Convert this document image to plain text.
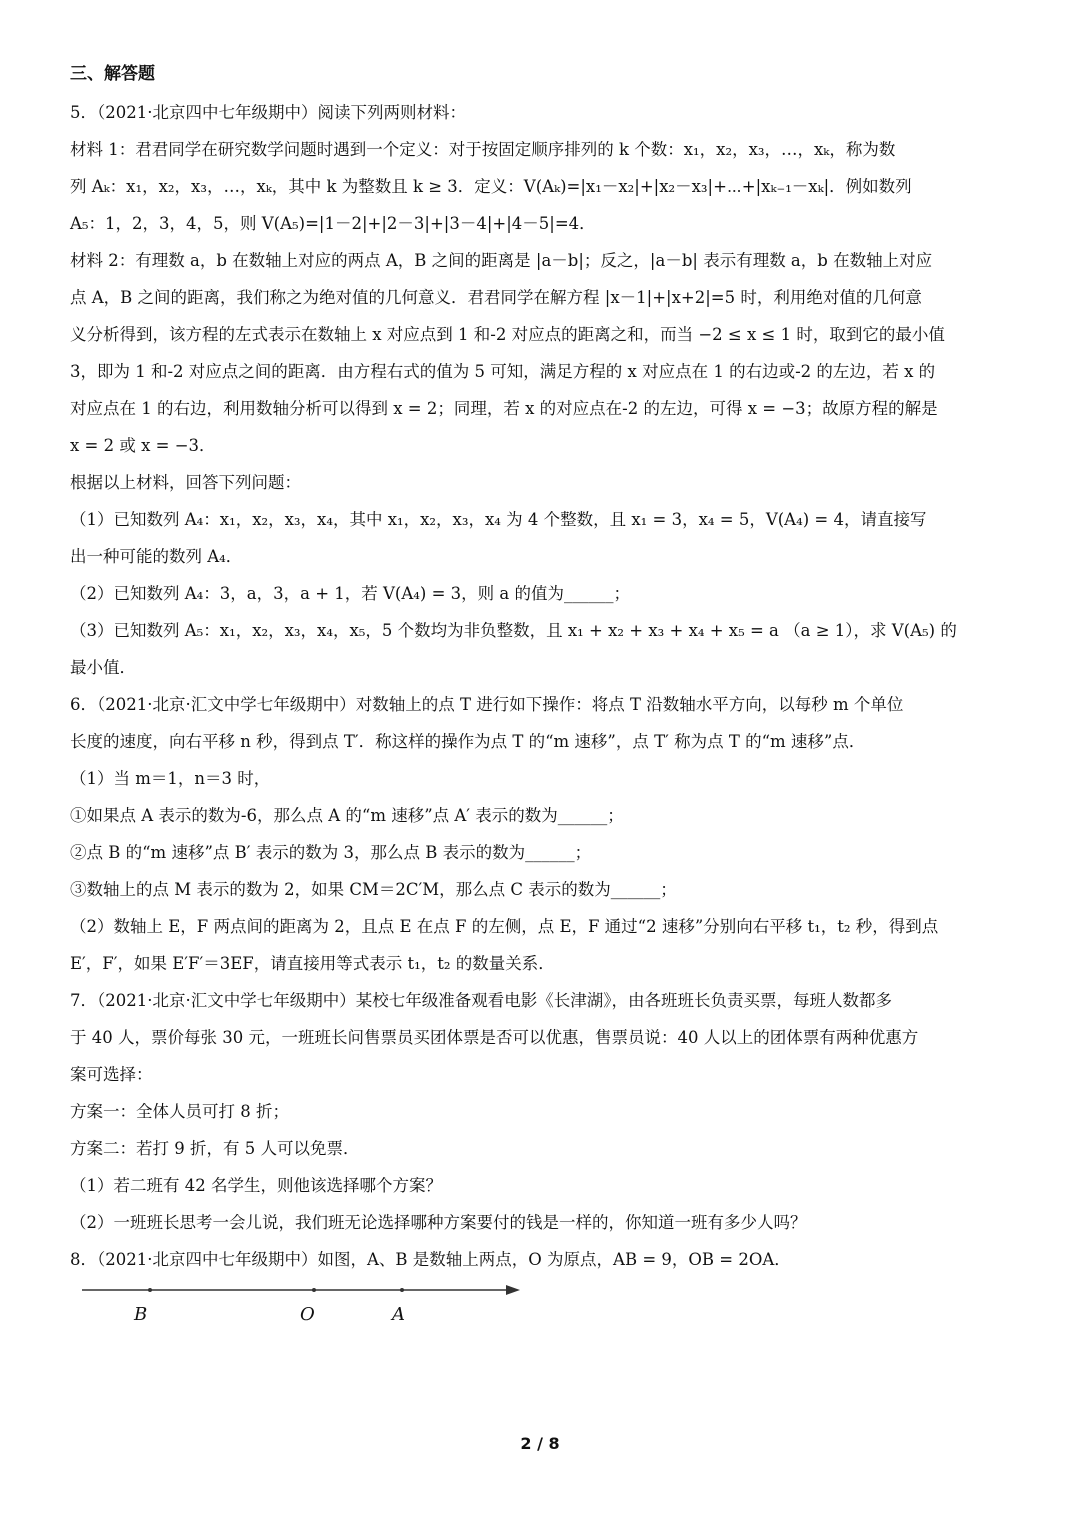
三、解答题
5．（2021·北京四中七年级期中）阅读下列两则材料：
材料 1：君君同学在研究数学问题时遇到一个定义：对于按固定顺序排列的 k 个数：x₁，x₂，x₃，…，xₖ，称为数
列 Aₖ：x₁，x₂，x₃，…，xₖ，其中 k 为整数且 k ≥ 3．定义：V(Aₖ)=|x₁－x₂|+|x₂－x₃|+⋯+|xₖ₋₁－xₖ|．例如数列
A₅：1，2，3，4，5，则 V(A₅)=|1－2|+|2－3|+|3－4|+|4－5|=4．
材料 2：有理数 a，b 在数轴上对应的两点 A，B 之间的距离是 |a－b|；反之，|a－b| 表示有理数 a，b 在数轴上对应
点 A，B 之间的距离，我们称之为绝对值的几何意义．君君同学在解方程 |x－1|+|x+2|=5 时，利用绝对值的几何意
义分析得到，该方程的左式表示在数轴上 x 对应点到 1 和-2 对应点的距离之和，而当 −2 ≤ x ≤ 1 时，取到它的最小值
3，即为 1 和-2 对应点之间的距离．由方程右式的值为 5 可知，满足方程的 x 对应点在 1 的右边或-2 的左边，若 x 的
对应点在 1 的右边，利用数轴分析可以得到 x = 2；同理，若 x 的对应点在-2 的左边，可得 x = −3；故原方程的解是
x = 2 或 x = −3．
根据以上材料，回答下列问题：
（1）已知数列 A₄：x₁，x₂，x₃，x₄，其中 x₁，x₂，x₃，x₄ 为 4 个整数，且 x₁ = 3，x₄ = 5，V(A₄) = 4，请直接写
出一种可能的数列 A₄．
（2）已知数列 A₄：3，a，3，a + 1，若 V(A₄) = 3，则 a 的值为______；
（3）已知数列 A₅：x₁，x₂，x₃，x₄，x₅，5 个数均为非负整数，且 x₁ + x₂ + x₃ + x₄ + x₅ = a （a ≥ 1），求 V(A₅) 的
最小值．
6．（2021·北京·汇文中学七年级期中）对数轴上的点 T 进行如下操作：将点 T 沿数轴水平方向，以每秒 m 个单位
长度的速度，向右平移 n 秒，得到点 T′．称这样的操作为点 T 的“m 速移”，点 T′ 称为点 T 的“m 速移”点．
（1）当 m＝1，n＝3 时，
①如果点 A 表示的数为-6，那么点 A 的“m 速移”点 A′ 表示的数为______；
②点 B 的“m 速移”点 B′ 表示的数为 3，那么点 B 表示的数为______；
③数轴上的点 M 表示的数为 2，如果 CM＝2C′M，那么点 C 表示的数为______；
（2）数轴上 E，F 两点间的距离为 2，且点 E 在点 F 的左侧，点 E，F 通过“2 速移”分别向右平移 t₁，t₂ 秒，得到点
E′，F′，如果 E′F′＝3EF，请直接用等式表示 t₁，t₂ 的数量关系．
7．（2021·北京·汇文中学七年级期中）某校七年级准备观看电影《长津湖》，由各班班长负责买票，每班人数都多
于 40 人，票价每张 30 元，一班班长问售票员买团体票是否可以优惠，售票员说：40 人以上的团体票有两种优惠方
案可选择：
方案一：全体人员可打 8 折；
方案二：若打 9 折，有 5 人可以免票．
（1）若二班有 42 名学生，则他该选择哪个方案？
（2）一班班长思考一会儿说，我们班无论选择哪种方案要付的钱是一样的，你知道一班有多少人吗？
8．（2021·北京四中七年级期中）如图，A、B 是数轴上两点，O 为原点，AB = 9，OB = 2OA．
B	O	A
2 / 8
